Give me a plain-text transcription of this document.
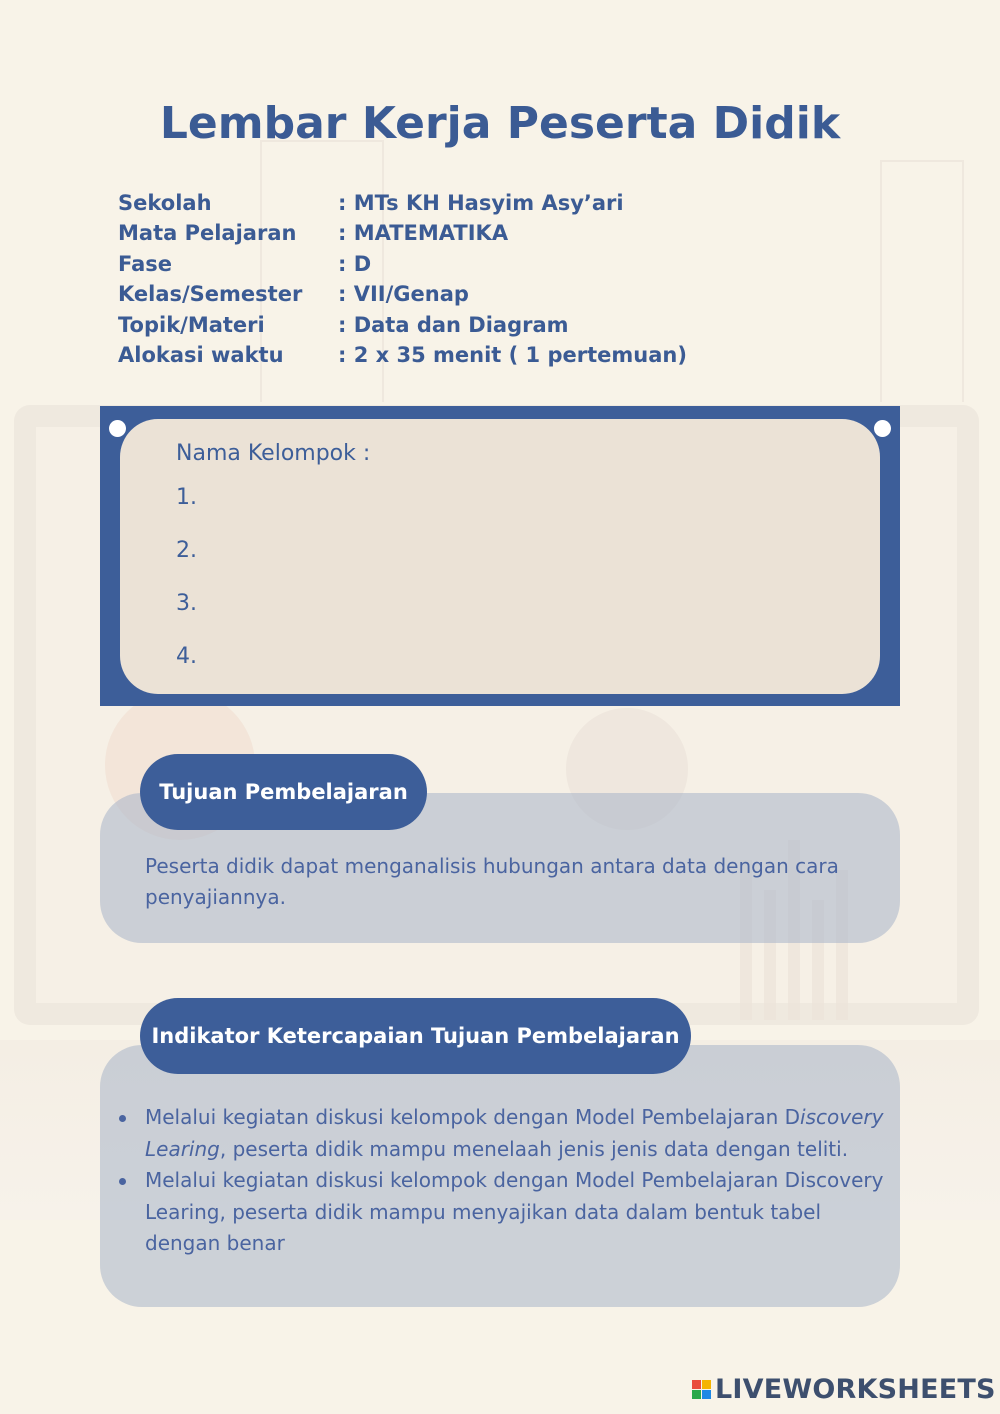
Lembar Kerja Peserta Didik
Sekolah	: MTs KH Hasyim Asy’ari
Mata Pelajaran	: MATEMATIKA
Fase	: D
Kelas/Semester	: VII/Genap
Topik/Materi	: Data dan Diagram
Alokasi waktu	: 2 x 35 menit ( 1 pertemuan)
Nama Kelompok :
1.
2.
3.
4.
Tujuan Pembelajaran
Peserta didik dapat menganalisis hubungan antara data dengan cara penyajiannya.
Indikator Ketercapaian Tujuan Pembelajaran
Melalui kegiatan diskusi kelompok dengan Model Pembelajaran Discovery Learing, peserta didik mampu menelaah jenis jenis data dengan teliti.
Melalui kegiatan diskusi kelompok dengan Model Pembelajaran Discovery Learing, peserta didik mampu menyajikan data dalam bentuk tabel dengan benar
LIVEWORKSHEETS
